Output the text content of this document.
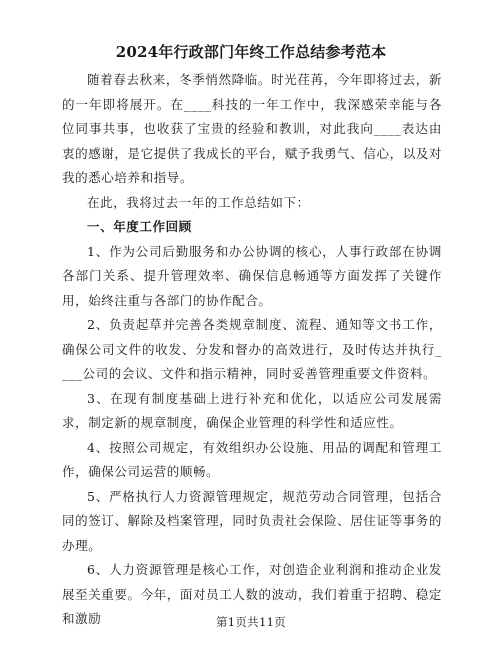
2024年行政部门年终工作总结参考范本

随着春去秋来，冬季悄然降临。时光荏苒，今年即将过去，新的一年即将展开。在____科技的一年工作中，我深感荣幸能与各位同事共事，也收获了宝贵的经验和教训，对此我向____表达由衷的感谢，是它提供了我成长的平台，赋予我勇气、信心，以及对我的悉心培养和指导。

在此，我将过去一年的工作总结如下：

一、年度工作回顾

1、作为公司后勤服务和办公协调的核心，人事行政部在协调各部门关系、提升管理效率、确保信息畅通等方面发挥了关键作用，始终注重与各部门的协作配合。

2、负责起草并完善各类规章制度、流程、通知等文书工作，确保公司文件的收发、分发和督办的高效进行，及时传达并执行____公司的会议、文件和指示精神，同时妥善管理重要文件资料。

3、在现有制度基础上进行补充和优化，以适应公司发展需求，制定新的规章制度，确保企业管理的科学性和适应性。

4、按照公司规定，有效组织办公设施、用品的调配和管理工作，确保公司运营的顺畅。

5、严格执行人力资源管理规定，规范劳动合同管理，包括合同的签订、解除及档案管理，同时负责社会保险、居住证等事务的办理。

6、人力资源管理是核心工作，对创造企业利润和推动企业发展至关重要。今年，面对员工人数的波动，我们着重于招聘、稳定和激励	第1页共11页
